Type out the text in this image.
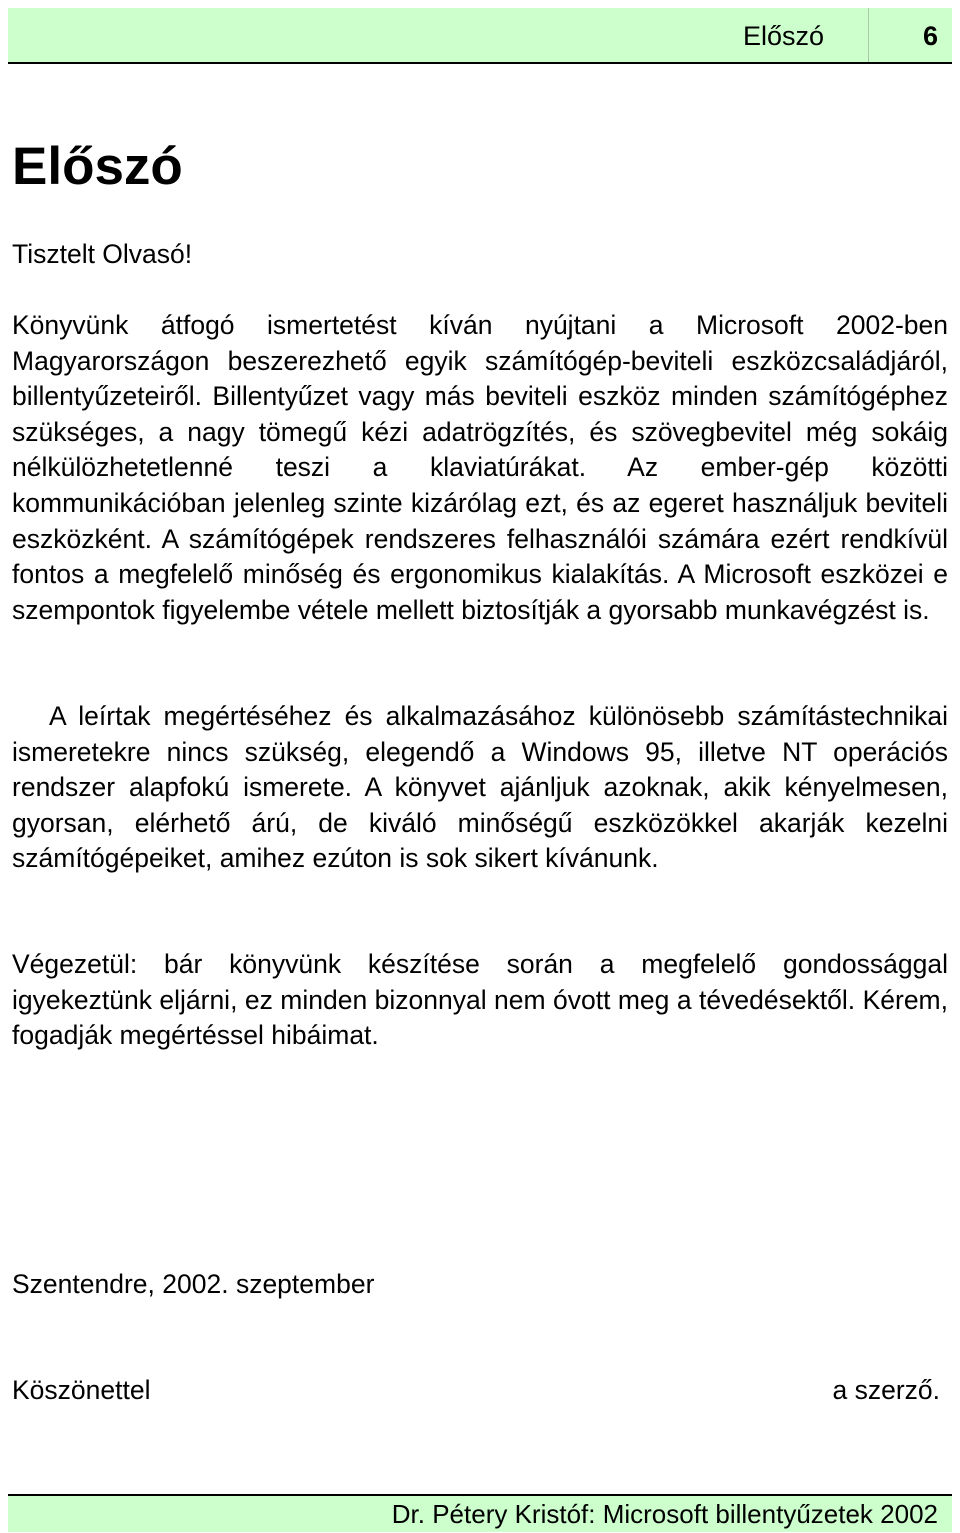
Előszó	6
Előszó

Tisztelt Olvasó!

Könyvünk átfogó ismertetést kíván nyújtani a Microsoft 2002-ben Magyarországon beszerezhető egyik számítógép-beviteli eszközcsaládjáról, billentyűzeteiről. Billentyűzet vagy más beviteli eszköz minden számítógéphez szükséges, a nagy tömegű kézi adatrögzítés, és szövegbevitel még sokáig nélkülözhetetlenné teszi a klaviatúrákat. Az ember-gép közötti kommunikációban jelenleg szinte kizárólag ezt, és az egeret használjuk beviteli eszközként. A számítógépek rendszeres felhasználói számára ezért rendkívül fontos a megfelelő minőség és ergonomikus kialakítás. A Microsoft eszközei e szempontok figyelembe vétele mellett biztosítják a gyorsabb munkavégzést is.

A leírtak megértéséhez és alkalmazásához különösebb számítástechnikai ismeretekre nincs szükség, elegendő a Windows 95, illetve NT operációs rendszer alapfokú ismerete. A könyvet ajánljuk azoknak, akik kényelmesen, gyorsan, elérhető árú, de kiváló minőségű eszközökkel akarják kezelni számítógépeiket, amihez ezúton is sok sikert kívánunk.

Végezetül: bár könyvünk készítése során a megfelelő gondossággal igyekeztünk eljárni, ez minden bizonnyal nem óvott meg a tévedésektől. Kérem, fogadják megértéssel hibáimat.

Szentendre, 2002. szeptember

Köszönettel	a szerző.
Dr. Pétery Kristóf: Microsoft billentyűzetek 2002
